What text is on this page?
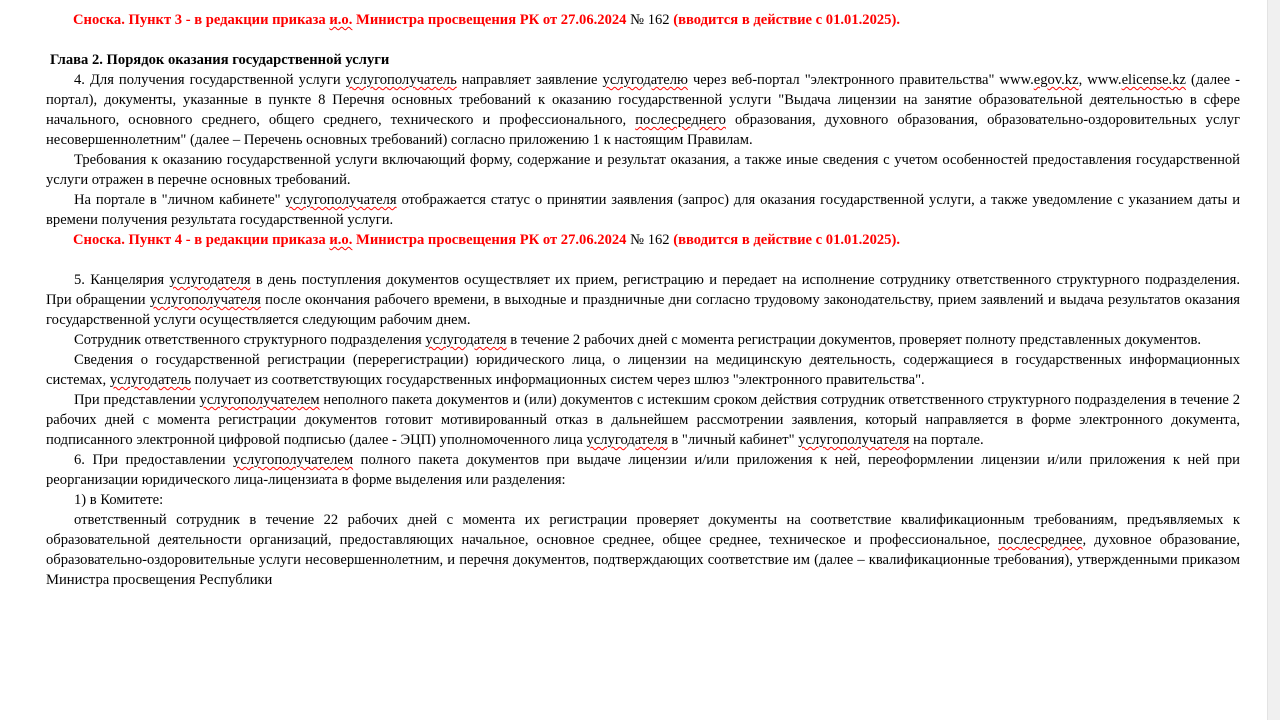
Сноска. Пункт 3 - в редакции приказа и.о. Министра просвещения РК от 27.06.2024 № 162 (вводится в действие с 01.01.2025).
Глава 2. Порядок оказания государственной услуги

4. Для получения государственной услуги услугополучатель направляет заявление услугодателю через веб-портал "электронного правительства" www.egov.kz, www.elicense.kz (далее - портал), документы, указанные в пункте 8 Перечня основных требований к оказанию государственной услуги "Выдача лицензии на занятие образовательной деятельностью в сфере начального, основного среднего, общего среднего, технического и профессионального, послесреднего образования, духовного образования, образовательно-оздоровительных услуг несовершеннолетним" (далее – Перечень основных требований) согласно приложению 1 к настоящим Правилам.

Требования к оказанию государственной услуги включающий форму, содержание и результат оказания, а также иные сведения с учетом особенностей предоставления государственной услуги отражен в перечне основных требований.

На портале в "личном кабинете" услугополучателя отображается статус о принятии заявления (запрос) для оказания государственной услуги, а также уведомление с указанием даты и времени получения результата государственной услуги.

Сноска. Пункт 4 - в редакции приказа и.о. Министра просвещения РК от 27.06.2024 № 162 (вводится в действие с 01.01.2025).

5. Канцелярия услугодателя в день поступления документов осуществляет их прием, регистрацию и передает на исполнение сотруднику ответственного структурного подразделения. При обращении услугополучателя после окончания рабочего времени, в выходные и праздничные дни согласно трудовому законодательству, прием заявлений и выдача результатов оказания государственной услуги осуществляется следующим рабочим днем.

Сотрудник ответственного структурного подразделения услугодателя в течение 2 рабочих дней с момента регистрации документов, проверяет полноту представленных документов.

Сведения о государственной регистрации (перерегистрации) юридического лица, о лицензии на медицинскую деятельность, содержащиеся в государственных информационных системах, услугодатель получает из соответствующих государственных информационных систем через шлюз "электронного правительства".

При представлении услугополучателем неполного пакета документов и (или) документов с истекшим сроком действия сотрудник ответственного структурного подразделения в течение 2 рабочих дней с момента регистрации документов готовит мотивированный отказ в дальнейшем рассмотрении заявления, который направляется в форме электронного документа, подписанного электронной цифровой подписью (далее - ЭЦП) уполномоченного лица услугодателя в "личный кабинет" услугополучателя на портале.

6. При предоставлении услугополучателем полного пакета документов при выдаче лицензии и/или приложения к ней, переоформлении лицензии и/или приложения к ней при реорганизации юридического лица-лицензиата в форме выделения или разделения:

1) в Комитете:

ответственный сотрудник в течение 22 рабочих дней с момента их регистрации проверяет документы на соответствие квалификационным требованиям, предъявляемых к образовательной деятельности организаций, предоставляющих начальное, основное среднее, общее среднее, техническое и профессиональное, послесреднее, духовное образование, образовательно-оздоровительные услуги несовершеннолетним, и перечня документов, подтверждающих соответствие им (далее – квалификационные требования), утвержденными приказом Министра просвещения Республики
